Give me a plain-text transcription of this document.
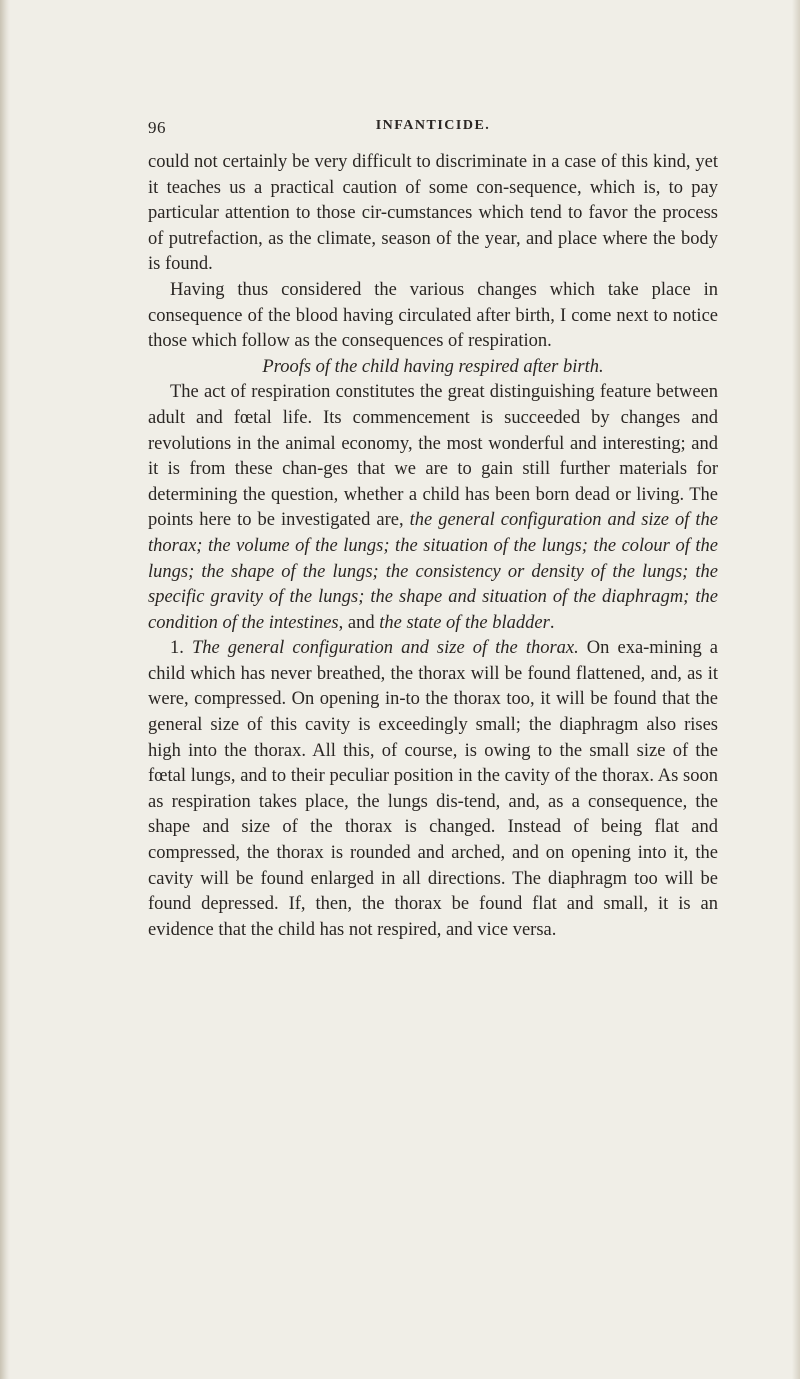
96	INFANTICIDE.

could not certainly be very difficult to discriminate in a case of this kind, yet it teaches us a practical caution of some con-sequence, which is, to pay particular attention to those cir-cumstances which tend to favor the process of putrefaction, as the climate, season of the year, and place where the body is found.

Having thus considered the various changes which take place in consequence of the blood having circulated after birth, I come next to notice those which follow as the consequences of respiration.

Proofs of the child having respired after birth.

The act of respiration constitutes the great distinguishing feature between adult and fœtal life. Its commencement is succeeded by changes and revolutions in the animal economy, the most wonderful and interesting; and it is from these chan-ges that we are to gain still further materials for determining the question, whether a child has been born dead or living. The points here to be investigated are, the general configuration and size of the thorax; the volume of the lungs; the situation of the lungs; the colour of the lungs; the shape of the lungs; the consistency or density of the lungs; the specific gravity of the lungs; the shape and situation of the diaphragm; the condition of the intestines, and the state of the bladder.

1. The general configuration and size of the thorax. On exa-mining a child which has never breathed, the thorax will be found flattened, and, as it were, compressed. On opening in-to the thorax too, it will be found that the general size of this cavity is exceedingly small; the diaphragm also rises high into the thorax. All this, of course, is owing to the small size of the fœtal lungs, and to their peculiar position in the cavity of the thorax. As soon as respiration takes place, the lungs dis-tend, and, as a consequence, the shape and size of the thorax is changed. Instead of being flat and compressed, the thorax is rounded and arched, and on opening into it, the cavity will be found enlarged in all directions. The diaphragm too will be found depressed. If, then, the thorax be found flat and small, it is an evidence that the child has not respired, and vice versa.
